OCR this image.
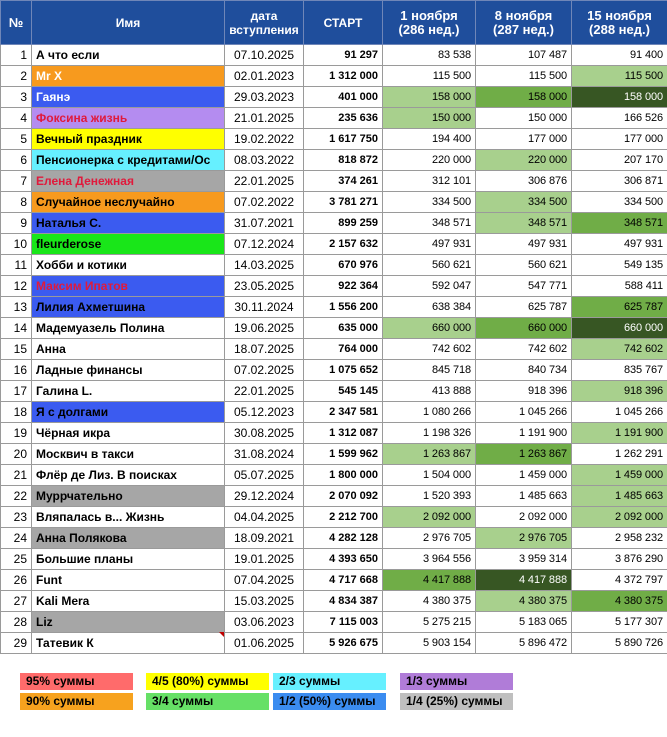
№	Имя	дата вступления	СТАРТ	1 ноября (286 нед.)	8 ноября (287 нед.)	15 ноября (288 нед.)
1	А что если	07.10.2025	91 297	83 538	107 487	91 400
2	Mr X	02.01.2023	1 312 000	115 500	115 500	115 500
3	Гаянэ	29.03.2023	401 000	158 000	158 000	158 000
4	Фоксина жизнь	21.01.2025	235 636	150 000	150 000	166 526
5	Вечный праздник	19.02.2022	1 617 750	194 400	177 000	177 000
6	Пенсионерка с кредитами/Ос	08.03.2022	818 872	220 000	220 000	207 170
7	Елена Денежная	22.01.2025	374 261	312 101	306 876	306 871
8	Случайное неслучайно	07.02.2022	3 781 271	334 500	334 500	334 500
9	Наталья С.	31.07.2021	899 259	348 571	348 571	348 571
10	fleurderose	07.12.2024	2 157 632	497 931	497 931	497 931
11	Хобби и котики	14.03.2025	670 976	560 621	560 621	549 135
12	Максим Ипатов	23.05.2025	922 364	592 047	547 771	588 411
13	Лилия Ахметшина	30.11.2024	1 556 200	638 384	625 787	625 787
14	Мадемуазель Полина	19.06.2025	635 000	660 000	660 000	660 000
15	Анна	18.07.2025	764 000	742 602	742 602	742 602
16	Ладные финансы	07.02.2025	1 075 652	845 718	840 734	835 767
17	Галина L.	22.01.2025	545 145	413 888	918 396	918 396
18	Я с долгами	05.12.2023	2 347 581	1 080 266	1 045 266	1 045 266
19	Чёрная икра	30.08.2025	1 312 087	1 198 326	1 191 900	1 191 900
20	Москвич в такси	31.08.2024	1 599 962	1 263 867	1 263 867	1 262 291
21	Флёр де Лиз. В поисках	05.07.2025	1 800 000	1 504 000	1 459 000	1 459 000
22	Муррчательно	29.12.2024	2 070 092	1 520 393	1 485 663	1 485 663
23	Вляпалась в... Жизнь	04.04.2025	2 212 700	2 092 000	2 092 000	2 092 000
24	Анна Полякова	18.09.2021	4 282 128	2 976 705	2 976 705	2 958 232
25	Большие планы	19.01.2025	4 393 650	3 964 556	3 959 314	3 876 290
26	Funt	07.04.2025	4 717 668	4 417 888	4 417 888	4 372 797
27	Kali Mera	15.03.2025	4 834 387	4 380 375	4 380 375	4 380 375
28	Liz	03.06.2023	7 115 003	5 275 215	5 183 065	5 177 307
29	Татевик К	01.06.2025	5 926 675	5 903 154	5 896 472	5 890 726
95% суммы
90% суммы
4/5 (80%) суммы
3/4 суммы
2/3 суммы
1/2 (50%) суммы
1/3 суммы
1/4 (25%) суммы
